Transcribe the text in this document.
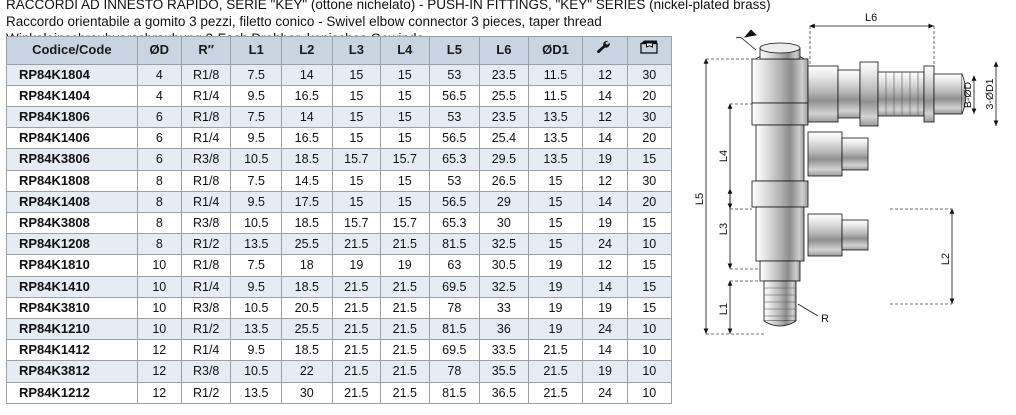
RACCORDI AD INNESTO RAPIDO, SERIE "KEY" (ottone nichelato) - PUSH-IN FITTINGS, "KEY" SERIES (nickel-plated brass)
Raccordo orientabile a gomito 3 pezzi, filetto conico - Swivel elbow connector 3 pieces, taper thread
Codice/Code	ØD	R″	L1	L2	L3	L4	L5	L6	ØD1		
RP84K1804	4	R1/8	7.5	14	15	15	53	23.5	11.5	12	30
RP84K1404	4	R1/4	9.5	16.5	15	15	56.5	25.5	11.5	14	20
RP84K1806	6	R1/8	7.5	14	15	15	53	23.5	13.5	12	30
RP84K1406	6	R1/4	9.5	16.5	15	15	56.5	25.4	13.5	14	20
RP84K3806	6	R3/8	10.5	18.5	15.7	15.7	65.3	29.5	13.5	19	15
RP84K1808	8	R1/8	7.5	14.5	15	15	53	26.5	15	12	30
RP84K1408	8	R1/4	9.5	17.5	15	15	56.5	29	15	14	20
RP84K3808	8	R3/8	10.5	18.5	15.7	15.7	65.3	30	15	19	15
RP84K1208	8	R1/2	13.5	25.5	21.5	21.5	81.5	32.5	15	24	10
RP84K1810	10	R1/8	7.5	18	19	19	63	30.5	19	12	15
RP84K1410	10	R1/4	9.5	18.5	21.5	21.5	69.5	32.5	19	14	15
RP84K3810	10	R3/8	10.5	20.5	21.5	21.5	78	33	19	19	15
RP84K1210	10	R1/2	13.5	25.5	21.5	21.5	81.5	36	19	24	10
RP84K1412	12	R1/4	9.5	18.5	21.5	21.5	69.5	33.5	21.5	14	10
RP84K3812	12	R3/8	10.5	22	21.5	21.5	78	35.5	21.5	19	10
RP84K1212	12	R1/2	13.5	30	21.5	21.5	81.5	36.5	21.5	24	10
L6
L5
L4
L3
L1
L2
B-ØD 3-ØD1
R
